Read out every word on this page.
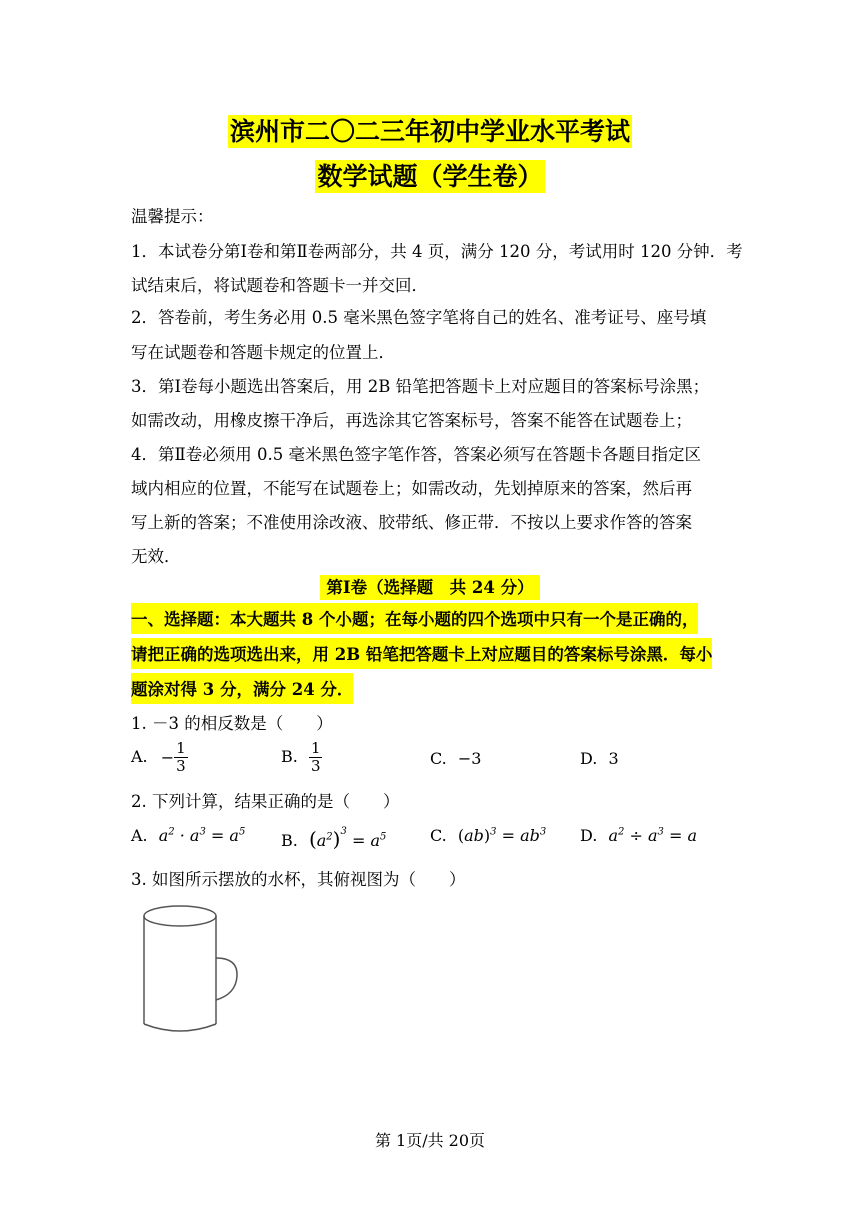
滨州市二〇二三年初中学业水平考试
数学试题（学生卷）
温馨提示：
1．本试卷分第Ⅰ卷和第Ⅱ卷两部分，共 4 页，满分 120 分，考试用时 120 分钟．考
试结束后，将试题卷和答题卡一并交回．
2．答卷前，考生务必用 0.5 毫米黑色签字笔将自己的姓名、准考证号、座号填
写在试题卷和答题卡规定的位置上．
3．第Ⅰ卷每小题选出答案后，用 2B 铅笔把答题卡上对应题目的答案标号涂黑；
如需改动，用橡皮擦干净后，再选涂其它答案标号，答案不能答在试题卷上；
4．第Ⅱ卷必须用 0.5 毫米黑色签字笔作答，答案必须写在答题卡各题目指定区
域内相应的位置，不能写在试题卷上；如需改动，先划掉原来的答案，然后再
写上新的答案；不准使用涂改液、胶带纸、修正带．不按以上要求作答的答案
无效．
第Ⅰ卷（选择题　共 24 分）
一、选择题：本大题共 8 个小题；在每小题的四个选项中只有一个是正确的，
请把正确的选项选出来，用 2B 铅笔把答题卡上对应题目的答案标号涂黑．每小
题涂对得 3 分，满分 24 分．
1. －3 的相反数是（　　）
A. − $\frac{1}{3}$	B. $\frac{1}{3}$	C. −3	D. 3
2. 下列计算，结果正确的是（　　）
A. $a^2 \cdot a^3 = a^5$ B. $(a^2)^3 = a^5$	C. $(ab)^3 = ab^3$ D. $a^2 \div a^3 = a$
3. 如图所示摆放的水杯，其俯视图为（　　）
第 1页/共 20页
